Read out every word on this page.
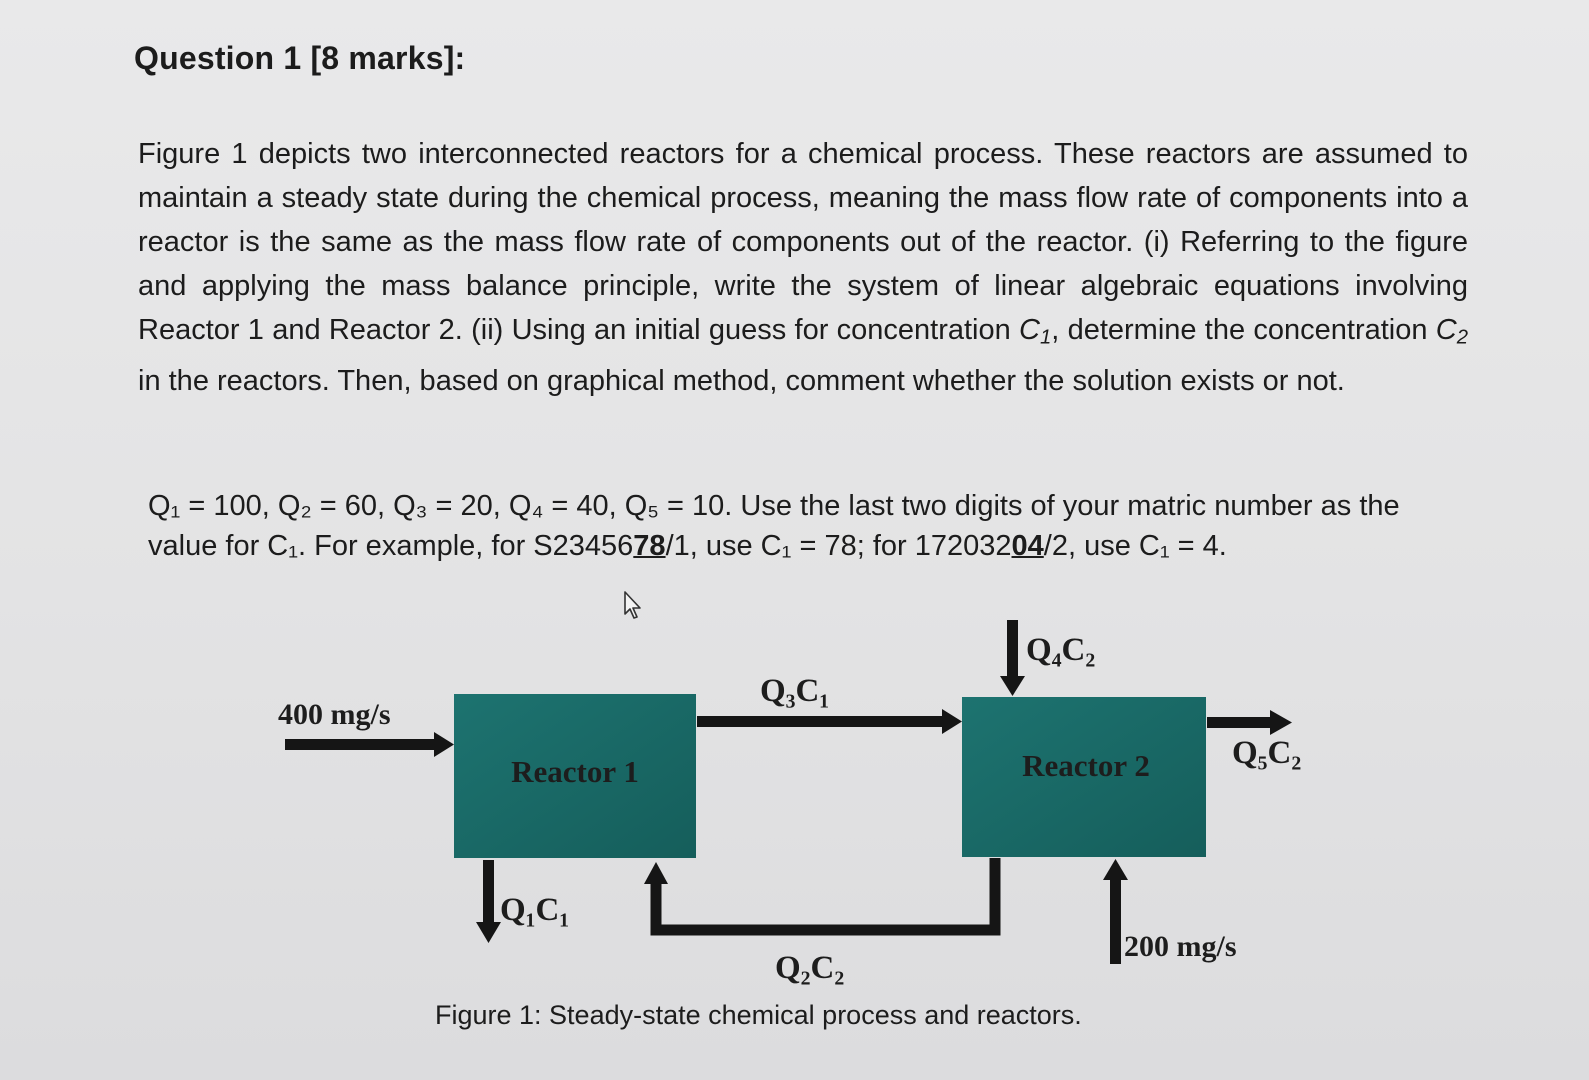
Question 1 [8 marks]:
Figure 1 depicts two interconnected reactors for a chemical process. These reactors are assumed to maintain a steady state during the chemical process, meaning the mass flow rate of components into a reactor is the same as the mass flow rate of components out of the reactor. (i) Referring to the figure and applying the mass balance principle, write the system of linear algebraic equations involving Reactor 1 and Reactor 2. (ii) Using an initial guess for concentration $C_1$, determine the concentration $C_2$ in the reactors. Then, based on graphical method, comment whether the solution exists or not.
Q₁ = 100, Q₂ = 60, Q₃ = 20, Q₄ = 40, Q₅ = 10. Use the last two digits of your matric number as the value for C₁. For example, for S2345678/1, use C₁ = 78; for 17203204/2, use C₁ = 4.
Reactor 1	Reactor 2
400 mg/s
Q₃C₁
Q₄C₂
Q₅C₂
Q₁C₁
Q₂C₂
200 mg/s
Figure 1: Steady-state chemical process and reactors.
